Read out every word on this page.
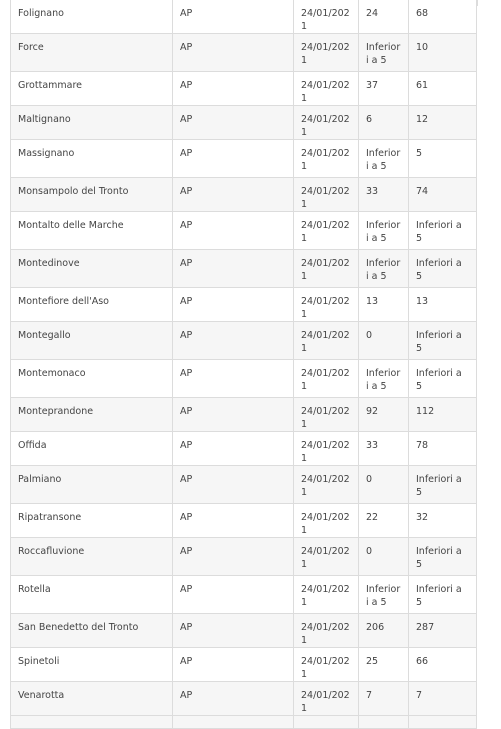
Folignano	AP	24/01/2021	24	68
Force	AP	24/01/2021	Inferiori a 5	10
Grottammare	AP	24/01/2021	37	61
Maltignano	AP	24/01/2021	6	12
Massignano	AP	24/01/2021	Inferiori a 5	5
Monsampolo del Tronto	AP	24/01/2021	33	74
Montalto delle Marche	AP	24/01/2021	Inferiori a 5	Inferiori a 5
Montedinove	AP	24/01/2021	Inferiori a 5	Inferiori a 5
Montefiore dell'Aso	AP	24/01/2021	13	13
Montegallo	AP	24/01/2021	0	Inferiori a 5
Montemonaco	AP	24/01/2021	Inferiori a 5	Inferiori a 5
Monteprandone	AP	24/01/2021	92	112
Offida	AP	24/01/2021	33	78
Palmiano	AP	24/01/2021	0	Inferiori a 5
Ripatransone	AP	24/01/2021	22	32
Roccafluvione	AP	24/01/2021	0	Inferiori a 5
Rotella	AP	24/01/2021	Inferiori a 5	Inferiori a 5
San Benedetto del Tronto	AP	24/01/2021	206	287
Spinetoli	AP	24/01/2021	25	66
Venarotta	AP	24/01/2021	7	7
